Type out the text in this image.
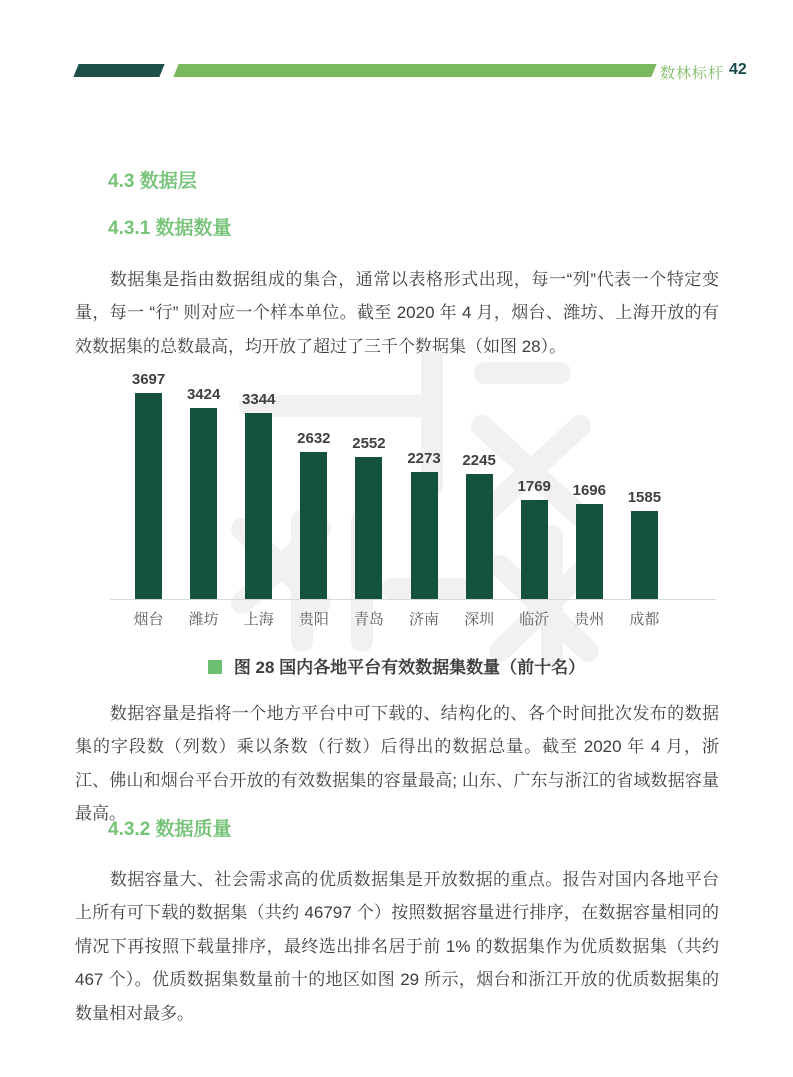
数林标杆 42
4.3 数据层
4.3.1 数据数量
数据集是指由数据组成的集合，通常以表格形式出现，每一“列”代表一个特定变量，每一 “行” 则对应一个样本单位。截至 2020 年 4 月，烟台、潍坊、上海开放的有效数据集的总数最高，均开放了超过了三千个数据集（如图 28）。
3697
3424 3344
2632 2552
2273 2245
1769 1696 1585
烟台	潍坊	上海	贵阳	青岛	济南	深圳	临沂	贵州	成都
图 28 国内各地平台有效数据集数量（前十名）
数据容量是指将一个地方平台中可下载的、结构化的、各个时间批次发布的数据集的字段数（列数）乘以条数（行数）后得出的数据总量。截至 2020 年 4 月，浙江、佛山和烟台平台开放的有效数据集的容量最高; 山东、广东与浙江的省域数据容量最高。
4.3.2 数据质量
数据容量大、社会需求高的优质数据集是开放数据的重点。报告对国内各地平台上所有可下载的数据集（共约 46797 个）按照数据容量进行排序，在数据容量相同的情况下再按照下载量排序，最终选出排名居于前 1% 的数据集作为优质数据集（共约 467 个）。优质数据集数量前十的地区如图 29 所示，烟台和浙江开放的优质数据集的数量相对最多。
